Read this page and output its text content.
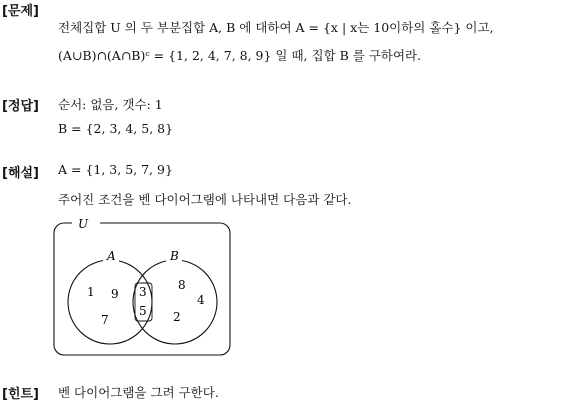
[문제]
전체집합 U 의 두 부분집합 A, B 에 대하여 A = {x | x는 10이하의 홀수} 이고,
(A∪B)∩(A∩B)ᶜ = {1, 2, 4, 7, 8, 9} 일 때, 집합 B 를 구하여라.
[정답] 순서: 없음, 갯수: 1
B = {2, 3, 4, 5, 8}
[해설] A = {1, 3, 5, 7, 9}
주어진 조건을 벤 다이어그램에 나타내면 다음과 같다.
U
A	B
1 9
7
3
5
8
4
2
[힌트] 벤 다이어그램을 그려 구한다.
